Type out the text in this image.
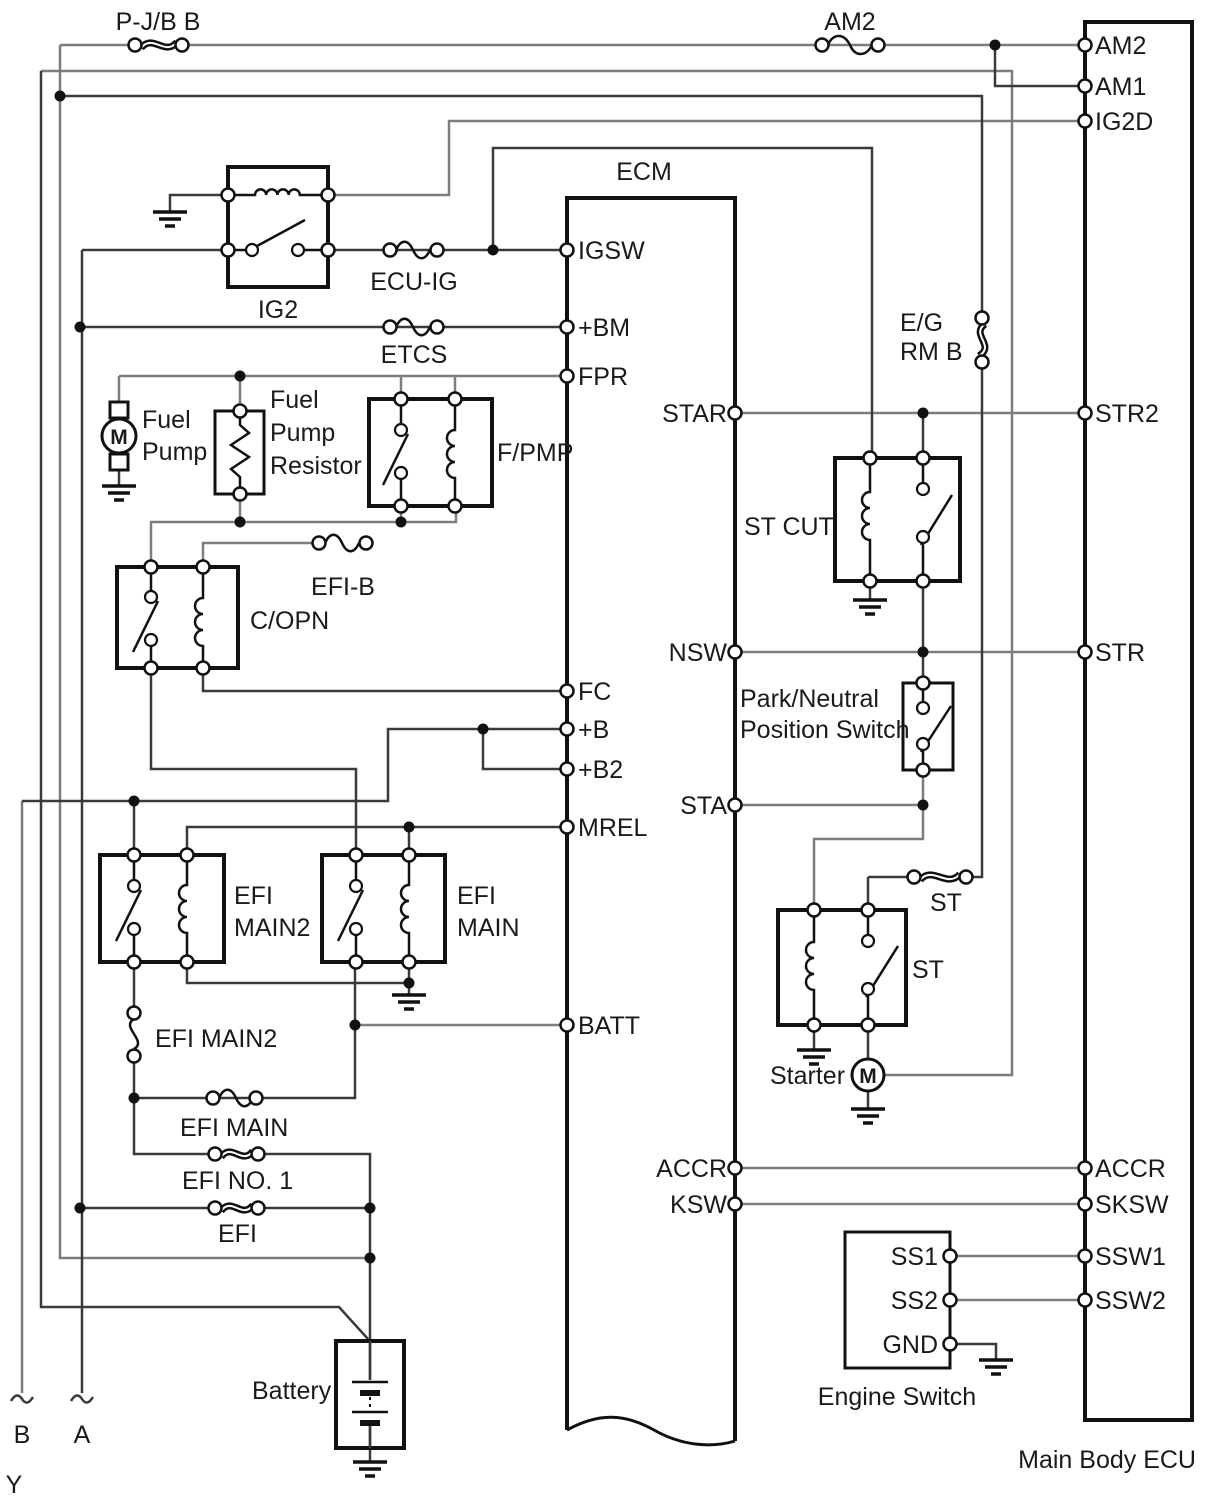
P-J/B B	AM2
ECM
IG2
ECU-IG
ETCS
Fuel
Pump
M
Fuel
Pump
Resistor	F/PMP
EFI-B
C/OPN
E/G
RM B
ST CUT
Park/Neutral
Position Switch
EFI
MAIN2
EFI
MAIN
ST
ST
Starter M
EFI MAIN2
EFI MAIN
EFI NO. 1
EFI
Battery
B A
Y
Engine Switch
Main Body ECU
IGSW
+BM
FPR
FC
+B
+B2
MREL
BATT
STAR
NSW
STA
ACCR
KSW
AM2
AM1
IG2D
STR2
STR
ACCR
SKSW
SSW1
SSW2
SS1
SS2
GND
